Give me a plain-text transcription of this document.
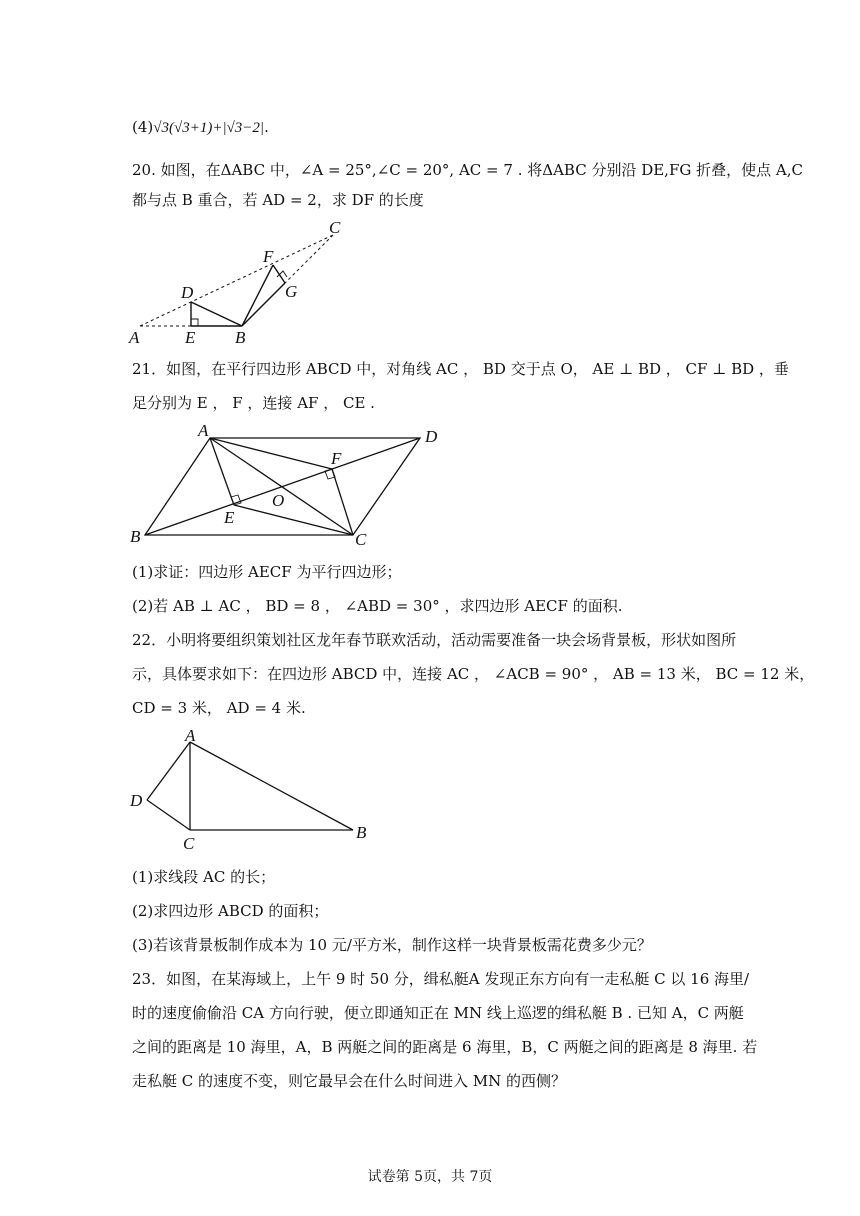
(4)√3(√3+1)+|√3−2|.
20. 如图，在ΔABC 中，∠A = 25°,∠C = 20°, AC = 7 . 将ΔABC 分别沿 DE,FG 折叠，使点 A,C
都与点 B 重合，若 AD = 2，求 DF 的长度
C
F
G
D
A	E B
21．如图，在平行四边形 ABCD 中，对角线 AC ， BD 交于点 O， AE ⊥ BD ， CF ⊥ BD ，垂
足分别为 E ， F ，连接 AF ， CE .
A	D
F
O
E
B	C
(1)求证：四边形 AECF 为平行四边形；
(2)若 AB ⊥ AC ， BD = 8 ， ∠ABD = 30° ，求四边形 AECF 的面积.
22．小明将要组织策划社区龙年春节联欢活动，活动需要准备一块会场背景板，形状如图所
示，具体要求如下：在四边形 ABCD 中，连接 AC ， ∠ACB = 90° ， AB = 13 米， BC = 12 米，
CD = 3 米， AD = 4 米.
A
D
C
B
(1)求线段 AC 的长；
(2)求四边形 ABCD 的面积；
(3)若该背景板制作成本为 10 元/平方米，制作这样一块背景板需花费多少元？
23．如图，在某海域上，上午 9 时 50 分，缉私艇A 发现正东方向有一走私艇 C 以 16 海里/
时的速度偷偷沿 CA 方向行驶，便立即通知正在 MN 线上巡逻的缉私艇 B . 已知 A，C 两艇
之间的距离是 10 海里，A，B 两艇之间的距离是 6 海里，B，C 两艇之间的距离是 8 海里. 若
走私艇 C 的速度不变，则它最早会在什么时间进入 MN 的西侧？
试卷第 5页，共 7页
